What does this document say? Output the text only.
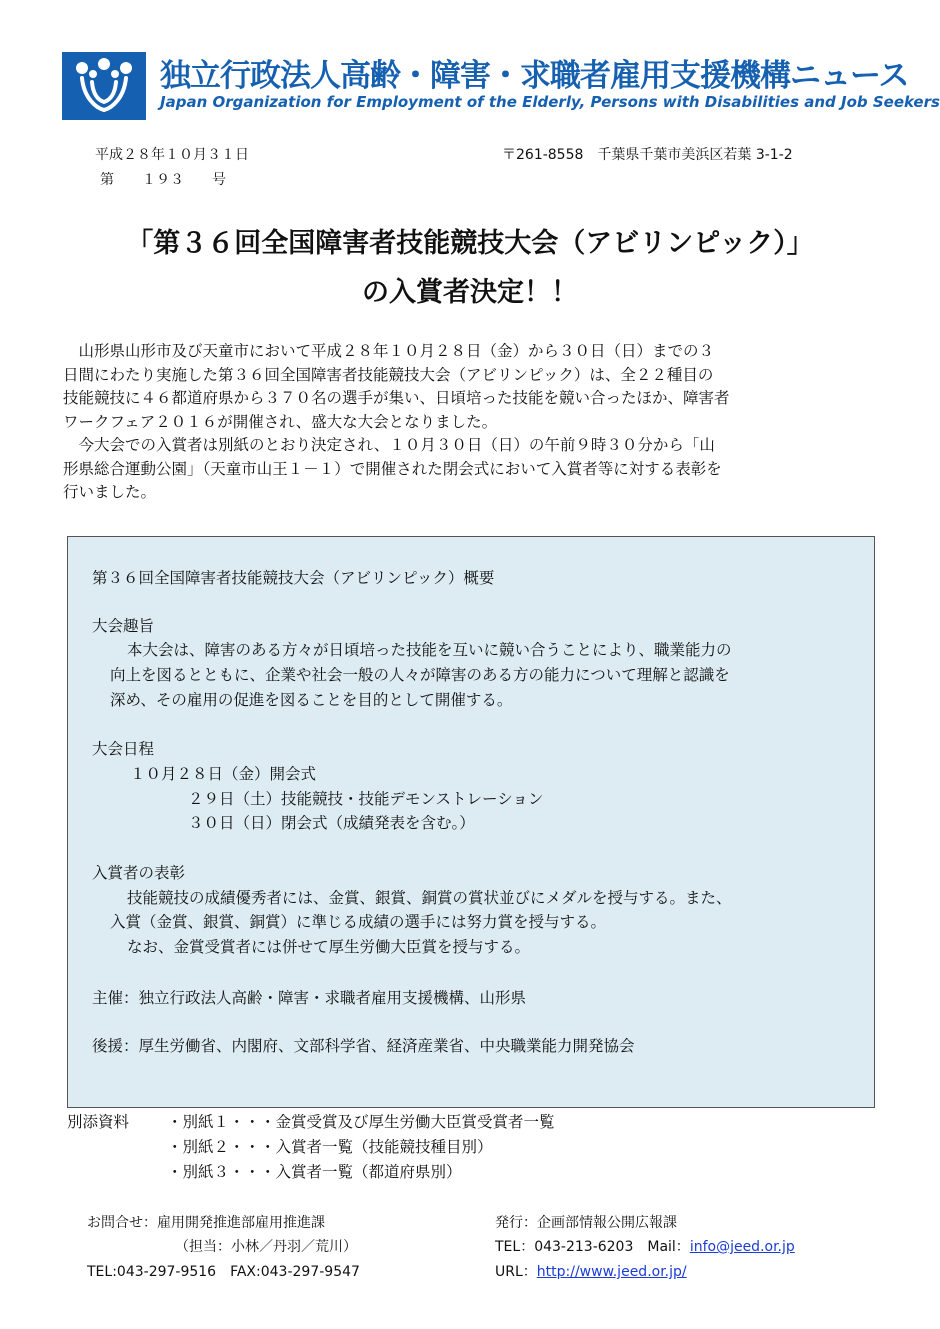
独立行政法人高齢・障害・求職者雇用支援機構ニュース
Japan Organization for Employment of the Elderly, Persons with Disabilities and Job Seekers
平成２８年１０月３１日
第　　１９３　　号
〒261-8558　千葉県千葉市美浜区若葉 3-1-2
「第３６回全国障害者技能競技大会（アビリンピック）」
の入賞者決定！！
　山形県山形市及び天童市において平成２８年１０月２８日（金）から３０日（日）までの３
日間にわたり実施した第３６回全国障害者技能競技大会（アビリンピック）は、全２２種目の
技能競技に４６都道府県から３７０名の選手が集い、日頃培った技能を競い合ったほか、障害者
ワークフェア２０１６が開催され、盛大な大会となりました。
　今大会での入賞者は別紙のとおり決定され、１０月３０日（日）の午前９時３０分から「山
形県総合運動公園」（天童市山王１－１）で開催された閉会式において入賞者等に対する表彰を
行いました。
第３６回全国障害者技能競技大会（アビリンピック）概要
大会趣旨
本大会は、障害のある方々が日頃培った技能を互いに競い合うことにより、職業能力の
向上を図るとともに、企業や社会一般の人々が障害のある方の能力について理解と認識を
深め、その雇用の促進を図ることを目的として開催する。
大会日程
１０月２８日（金）開会式
２９日（土）技能競技・技能デモンストレーション
３０日（日）閉会式（成績発表を含む。）
入賞者の表彰
技能競技の成績優秀者には、金賞、銀賞、銅賞の賞状並びにメダルを授与する。また、
入賞（金賞、銀賞、銅賞）に準じる成績の選手には努力賞を授与する。
なお、金賞受賞者には併せて厚生労働大臣賞を授与する。
主催：独立行政法人高齢・障害・求職者雇用支援機構、山形県
後援：厚生労働省、内閣府、文部科学省、経済産業省、中央職業能力開発協会
別添資料 ・別紙１・・・金賞受賞及び厚生労働大臣賞受賞者一覧
・別紙２・・・入賞者一覧（技能競技種目別）
・別紙３・・・入賞者一覧（都道府県別）
お問合せ：雇用開発推進部雇用推進課
（担当：小林／丹羽／荒川）
TEL:043-297-9516　FAX:043-297-9547
発行：企画部情報公開広報課
TEL：043-213-6203　Mail：info@jeed.or.jp
URL：http://www.jeed.or.jp/
